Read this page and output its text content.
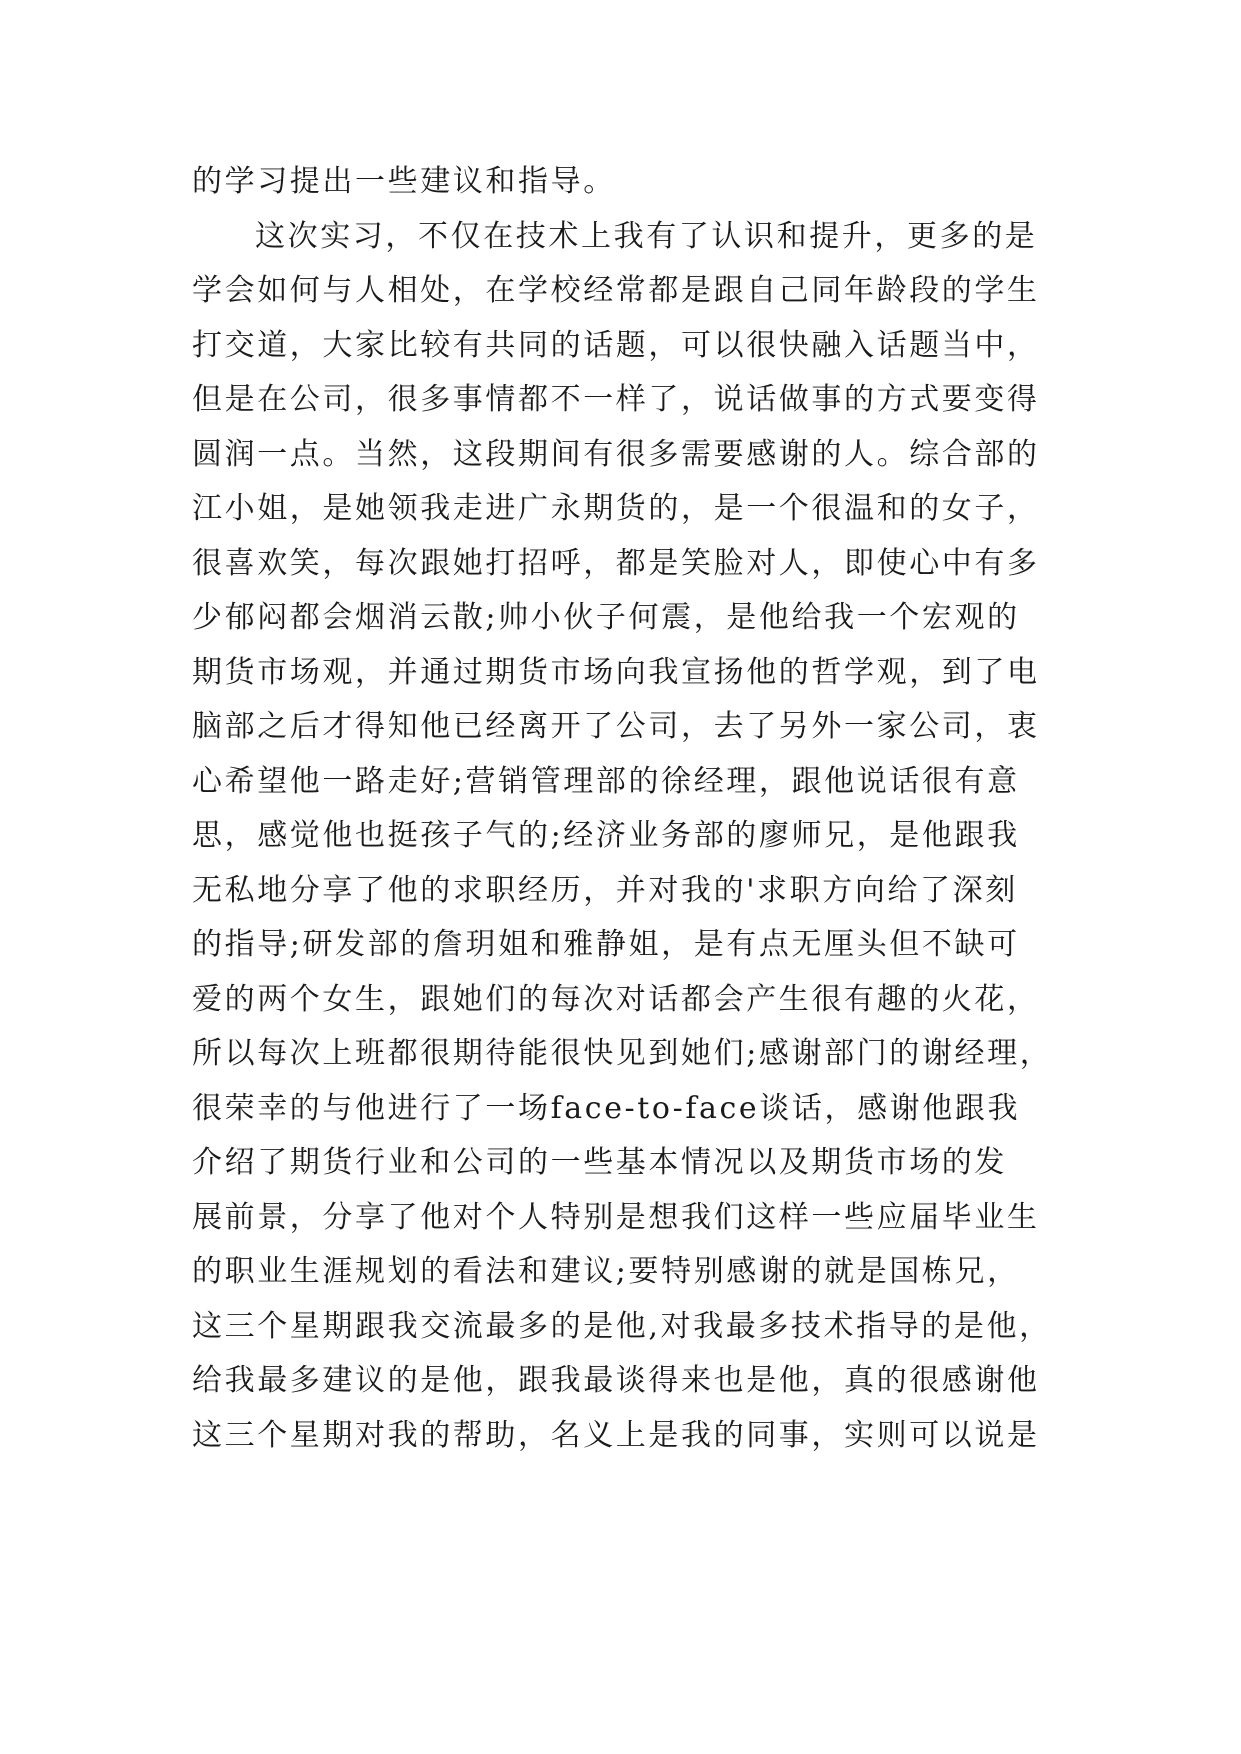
的学习提出一些建议和指导。
这次实习，不仅在技术上我有了认识和提升，更多的是
学会如何与人相处，在学校经常都是跟自己同年龄段的学生
打交道，大家比较有共同的话题，可以很快融入话题当中，
但是在公司，很多事情都不一样了，说话做事的方式要变得
圆润一点。当然，这段期间有很多需要感谢的人。综合部的
江小姐，是她领我走进广永期货的，是一个很温和的女子，
很喜欢笑，每次跟她打招呼，都是笑脸对人，即使心中有多
少郁闷都会烟消云散;帅小伙子何震，是他给我一个宏观的
期货市场观，并通过期货市场向我宣扬他的哲学观，到了电
脑部之后才得知他已经离开了公司，去了另外一家公司，衷
心希望他一路走好;营销管理部的徐经理，跟他说话很有意
思，感觉他也挺孩子气的;经济业务部的廖师兄，是他跟我
无私地分享了他的求职经历，并对我的'求职方向给了深刻
的指导;研发部的詹玥姐和雅静姐，是有点无厘头但不缺可
爱的两个女生，跟她们的每次对话都会产生很有趣的火花，
所以每次上班都很期待能很快见到她们;感谢部门的谢经理，
很荣幸的与他进行了一场face-to-face谈话，感谢他跟我
介绍了期货行业和公司的一些基本情况以及期货市场的发
展前景，分享了他对个人特别是想我们这样一些应届毕业生
的职业生涯规划的看法和建议;要特别感谢的就是国栋兄，
这三个星期跟我交流最多的是他,对我最多技术指导的是他，
给我最多建议的是他，跟我最谈得来也是他，真的很感谢他
这三个星期对我的帮助，名义上是我的同事，实则可以说是
